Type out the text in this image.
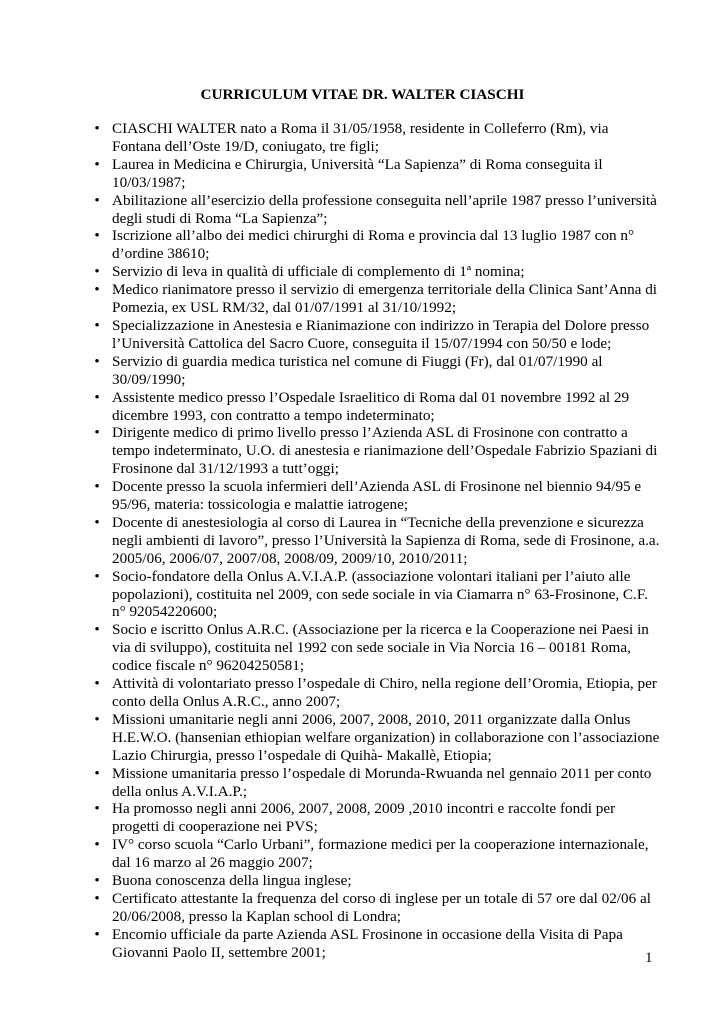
CURRICULUM VITAE DR. WALTER CIASCHI
• CIASCHI WALTER nato a Roma il 31/05/1958, residente in Colleferro (Rm), via Fontana dell’Oste 19/D, coniugato, tre figli;
• Laurea in Medicina e Chirurgia, Università “La Sapienza” di Roma conseguita il 10/03/1987;
• Abilitazione all’esercizio della professione conseguita nell’aprile 1987 presso l’università degli studi di Roma “La Sapienza”;
• Iscrizione all’albo dei medici chirurghi di Roma e provincia dal 13 luglio 1987 con n° d’ordine 38610;
• Servizio di leva in qualità di ufficiale di complemento di 1ª nomina;
• Medico rianimatore presso il servizio di emergenza territoriale della Clinica Sant’Anna di Pomezia, ex USL RM/32, dal 01/07/1991 al 31/10/1992;
• Specializzazione in Anestesia e Rianimazione con indirizzo in Terapia del Dolore presso l’Università Cattolica del Sacro Cuore, conseguita il 15/07/1994 con 50/50 e lode;
• Servizio di guardia medica turistica nel comune di Fiuggi (Fr), dal 01/07/1990 al 30/09/1990;
• Assistente medico presso l’Ospedale Israelitico di Roma dal 01 novembre 1992 al 29 dicembre 1993, con contratto a tempo indeterminato;
• Dirigente medico di primo livello presso l’Azienda ASL di Frosinone con contratto a tempo indeterminato, U.O. di anestesia e rianimazione dell’Ospedale Fabrizio Spaziani di Frosinone dal 31/12/1993 a tutt’oggi;
• Docente presso la scuola infermieri dell’Azienda ASL di Frosinone nel biennio 94/95 e 95/96, materia: tossicologia e malattie iatrogene;
• Docente di anestesiologia al corso di Laurea in “Tecniche della prevenzione e sicurezza negli ambienti di lavoro”, presso l’Università la Sapienza di Roma, sede di Frosinone, a.a. 2005/06, 2006/07, 2007/08, 2008/09, 2009/10, 2010/2011;
• Socio-fondatore della Onlus A.V.I.A.P. (associazione volontari italiani per l’aiuto alle popolazioni), costituita nel 2009, con sede sociale in via Ciamarra n° 63-Frosinone, C.F. n° 92054220600;
• Socio e iscritto Onlus A.R.C. (Associazione per la ricerca e la Cooperazione nei Paesi in via di sviluppo), costituita nel 1992 con sede sociale in Via Norcia 16 – 00181 Roma, codice fiscale n° 96204250581;
• Attività di volontariato presso l’ospedale di Chiro, nella regione dell’Oromia, Etiopia, per conto della Onlus A.R.C., anno 2007;
• Missioni umanitarie negli anni 2006, 2007, 2008, 2010, 2011 organizzate dalla Onlus H.E.W.O. (hansenian ethiopian welfare organization) in collaborazione con l’associazione Lazio Chirurgia, presso l’ospedale di Quihà- Makallè, Etiopia;
• Missione umanitaria presso l’ospedale di Morunda-Rwuanda nel gennaio 2011 per conto della onlus A.V.I.A.P.;
• Ha promosso negli anni 2006, 2007, 2008, 2009 ,2010 incontri e raccolte fondi per progetti di cooperazione nei PVS;
• IV° corso scuola “Carlo Urbani”, formazione medici per la cooperazione internazionale, dal 16 marzo al 26 maggio 2007;
• Buona conoscenza della lingua inglese;
• Certificato attestante la frequenza del corso di inglese per un totale di 57 ore dal 02/06 al 20/06/2008, presso la Kaplan school di Londra;
• Encomio ufficiale da parte Azienda ASL Frosinone in occasione della Visita di Papa Giovanni Paolo II, settembre 2001;	1
